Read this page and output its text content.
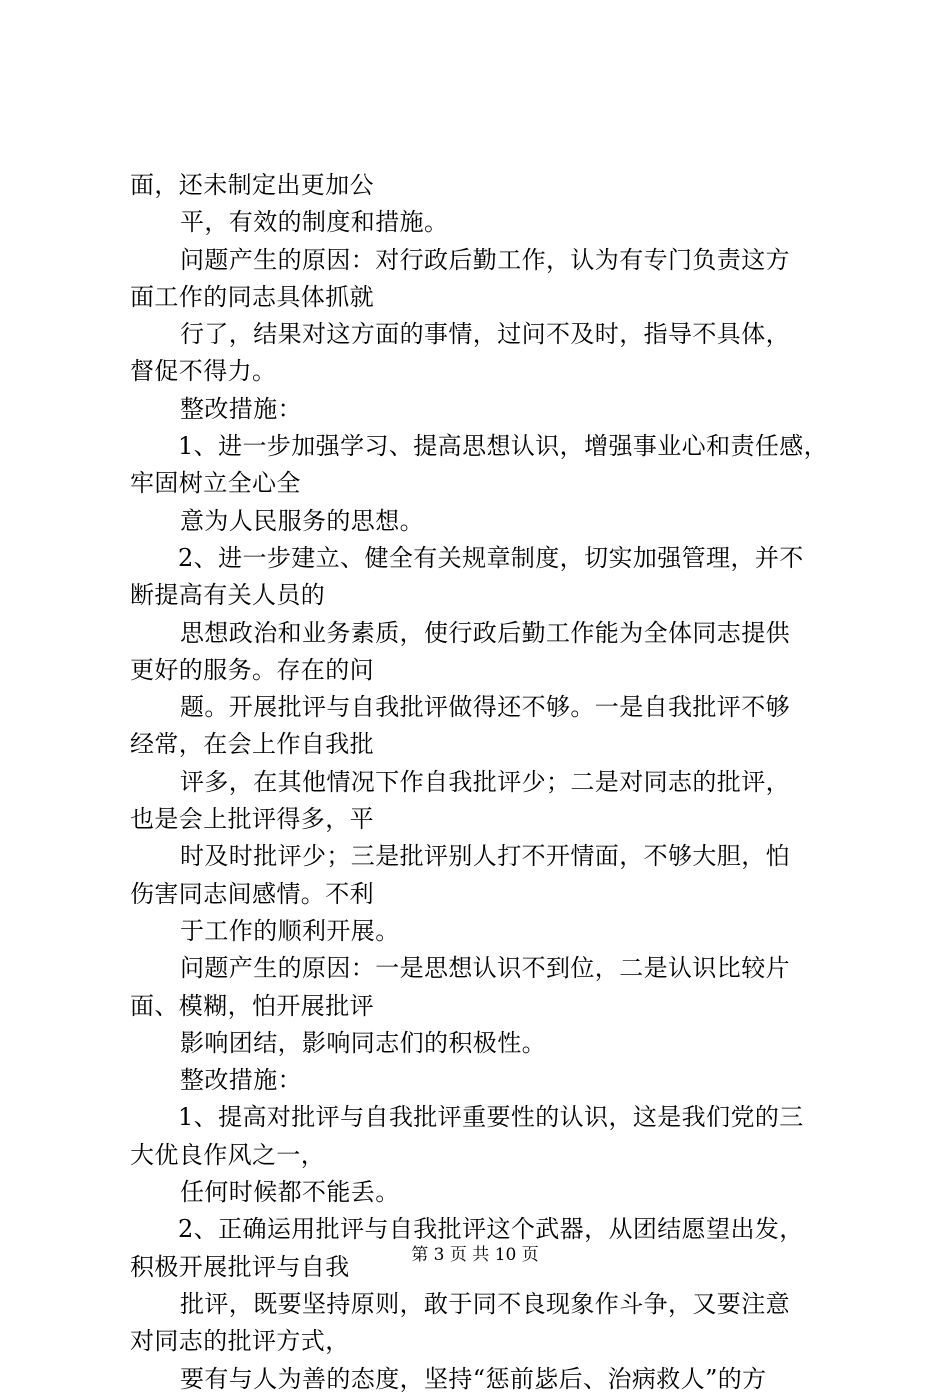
面，还未制定出更加公
平，有效的制度和措施。
问题产生的原因：对行政后勤工作，认为有专门负责这方
面工作的同志具体抓就
行了，结果对这方面的事情，过问不及时，指导不具体，
督促不得力。
整改措施：
1、进一步加强学习、提高思想认识，增强事业心和责任感，
牢固树立全心全
意为人民服务的思想。
2、进一步建立、健全有关规章制度，切实加强管理，并不
断提高有关人员的
思想政治和业务素质，使行政后勤工作能为全体同志提供
更好的服务。存在的问
题。开展批评与自我批评做得还不够。一是自我批评不够
经常，在会上作自我批
评多，在其他情况下作自我批评少；二是对同志的批评，
也是会上批评得多，平
时及时批评少；三是批评别人打不开情面，不够大胆，怕
伤害同志间感情。不利
于工作的顺利开展。
问题产生的原因：一是思想认识不到位，二是认识比较片
面、模糊，怕开展批评
影响团结，影响同志们的积极性。
整改措施：
1、提高对批评与自我批评重要性的认识，这是我们党的三
大优良作风之一，
任何时候都不能丢。
2、正确运用批评与自我批评这个武器，从团结愿望出发，
积极开展批评与自我
批评，既要坚持原则，敢于同不良现象作斗争，又要注意
对同志的批评方式，
要有与人为善的态度，坚持“惩前毖后、治病救人”的方
第 3 页 共 10 页
